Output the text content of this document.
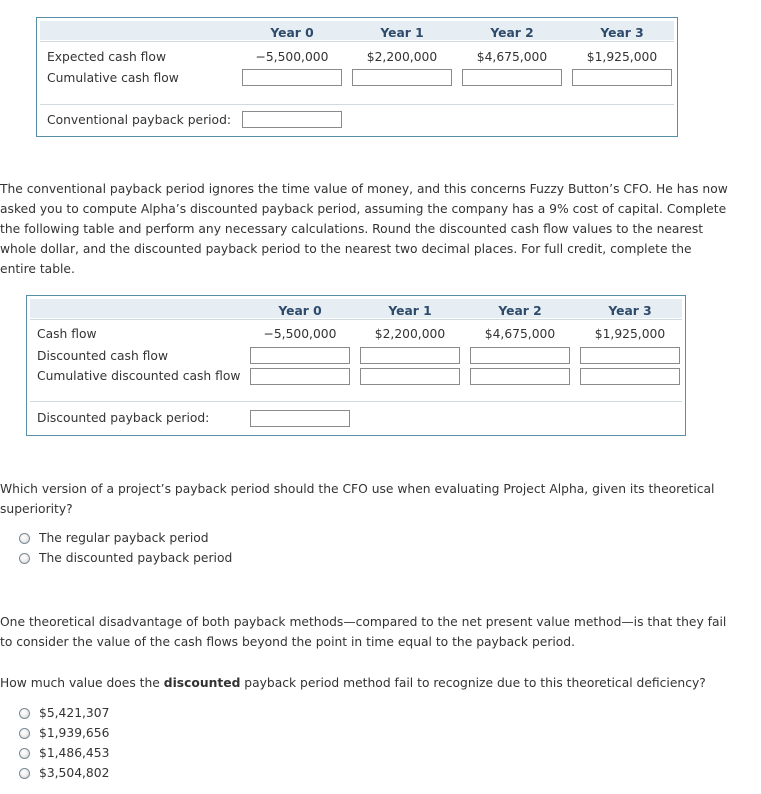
Year 0	Year 1	Year 2	Year 3
Expected cash flow	−5,500,000	$2,200,000	$4,675,000	$1,925,000
Cumulative cash flow
Conventional payback period:

The conventional payback period ignores the time value of money, and this concerns Fuzzy Button’s CFO. He has now

asked you to compute Alpha’s discounted payback period, assuming the company has a 9% cost of capital. Complete

the following table and perform any necessary calculations. Round the discounted cash flow values to the nearest

whole dollar, and the discounted payback period to the nearest two decimal places. For full credit, complete the

entire table.

Year 0	Year 1	Year 2	Year 3
Cash flow	−5,500,000	$2,200,000	$4,675,000	$1,925,000
Discounted cash flow
Cumulative discounted cash flow
Discounted payback period:

Which version of a project’s payback period should the CFO use when evaluating Project Alpha, given its theoretical

superiority?

The regular payback period
The discounted payback period

One theoretical disadvantage of both payback methods—compared to the net present value method—is that they fail

to consider the value of the cash flows beyond the point in time equal to the payback period.

How much value does the discounted payback period method fail to recognize due to this theoretical deficiency?

$5,421,307
$1,939,656
$1,486,453
$3,504,802
